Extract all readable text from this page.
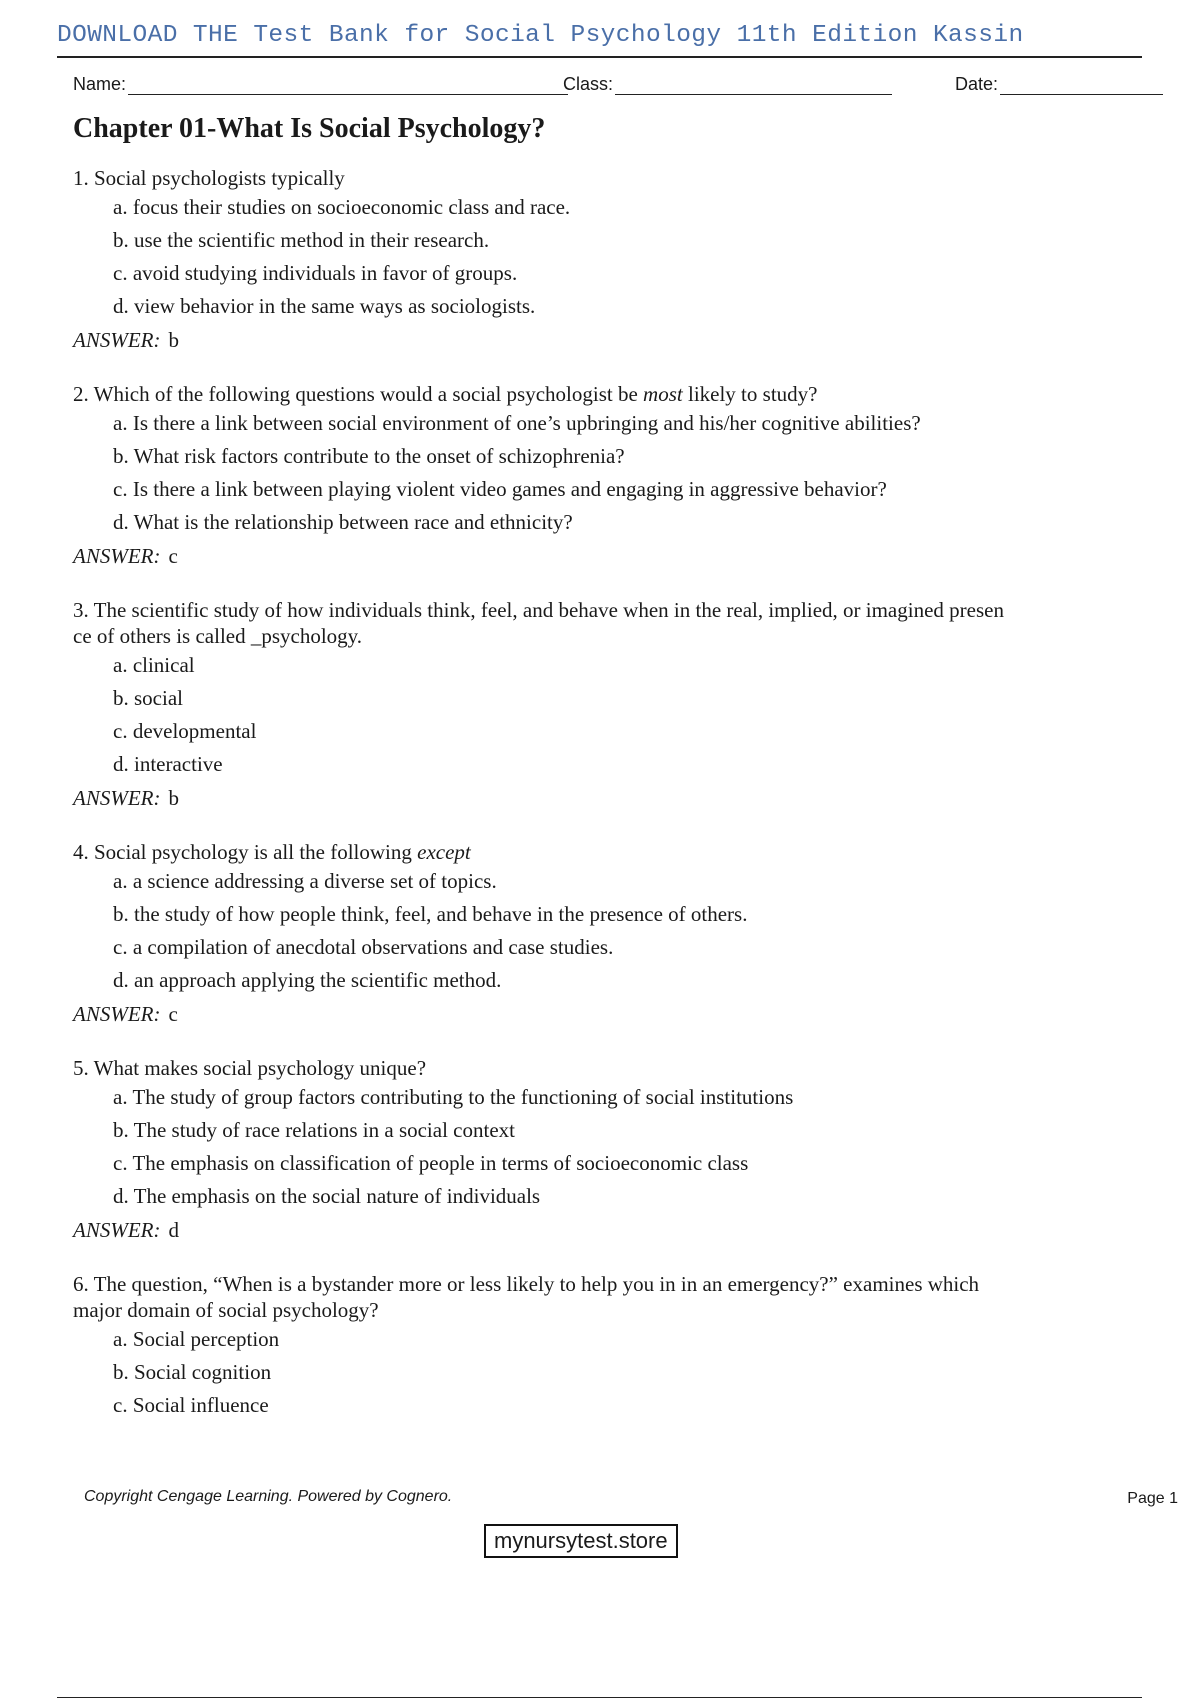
DOWNLOAD THE Test Bank for Social Psychology 11th Edition Kassin
Name:	Class:	Date:
Chapter 01-What Is Social Psychology?
1. Social psychologists typically
a. focus their studies on socioeconomic class and race.
b. use the scientific method in their research.
c. avoid studying individuals in favor of groups.
d. view behavior in the same ways as sociologists.
ANSWER: b
2. Which of the following questions would a social psychologist be most likely to study?
a. Is there a link between social environment of one’s upbringing and his/her cognitive abilities?
b. What risk factors contribute to the onset of schizophrenia?
c. Is there a link between playing violent video games and engaging in aggressive behavior?
d. What is the relationship between race and ethnicity?
ANSWER: c
3. The scientific study of how individuals think, feel, and behave when in the real, implied, or imagined presen
ce of others is called _psychology.
a. clinical
b. social
c. developmental
d. interactive
ANSWER: b
4. Social psychology is all the following except
a. a science addressing a diverse set of topics.
b. the study of how people think, feel, and behave in the presence of others.
c. a compilation of anecdotal observations and case studies.
d. an approach applying the scientific method.
ANSWER: c
5. What makes social psychology unique?
a. The study of group factors contributing to the functioning of social institutions
b. The study of race relations in a social context
c. The emphasis on classification of people in terms of socioeconomic class
d. The emphasis on the social nature of individuals
ANSWER: d
6. The question, “When is a bystander more or less likely to help you in in an emergency?” examines which
major domain of social psychology?
a. Social perception
b. Social cognition
c. Social influence
Copyright Cengage Learning. Powered by Cognero.	Page 1
mynursytest.store
